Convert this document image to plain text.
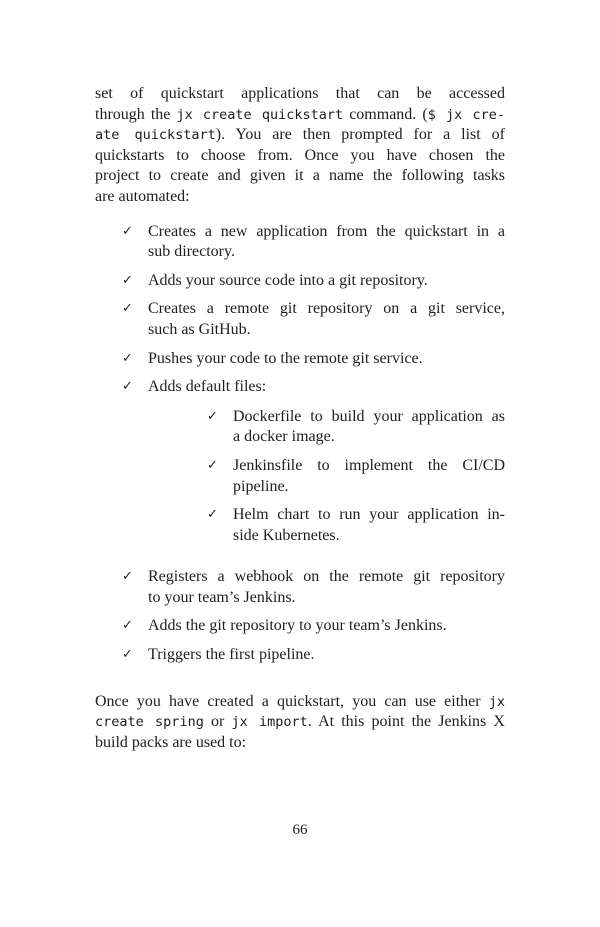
set of quickstart applications that can be accessed
through the jx create quickstart command. ($ jx cre-
ate quickstart). You are then prompted for a list of
quickstarts to choose from. Once you have chosen the
project to create and given it a name the following tasks
are automated:
✓ Creates a new application from the quickstart in a
sub directory.
✓ Adds your source code into a git repository.
✓ Creates a remote git repository on a git service,
such as GitHub.
✓ Pushes your code to the remote git service.
✓ Adds default files:
✓ Dockerfile to build your application as
a docker image.
✓ Jenkinsfile to implement the CI/CD
pipeline.
✓ Helm chart to run your application in-
side Kubernetes.
✓ Registers a webhook on the remote git repository
to your team’s Jenkins.
✓ Adds the git repository to your team’s Jenkins.
✓ Triggers the first pipeline.
Once you have created a quickstart, you can use either jx
create spring or jx import. At this point the Jenkins X
build packs are used to:
66
